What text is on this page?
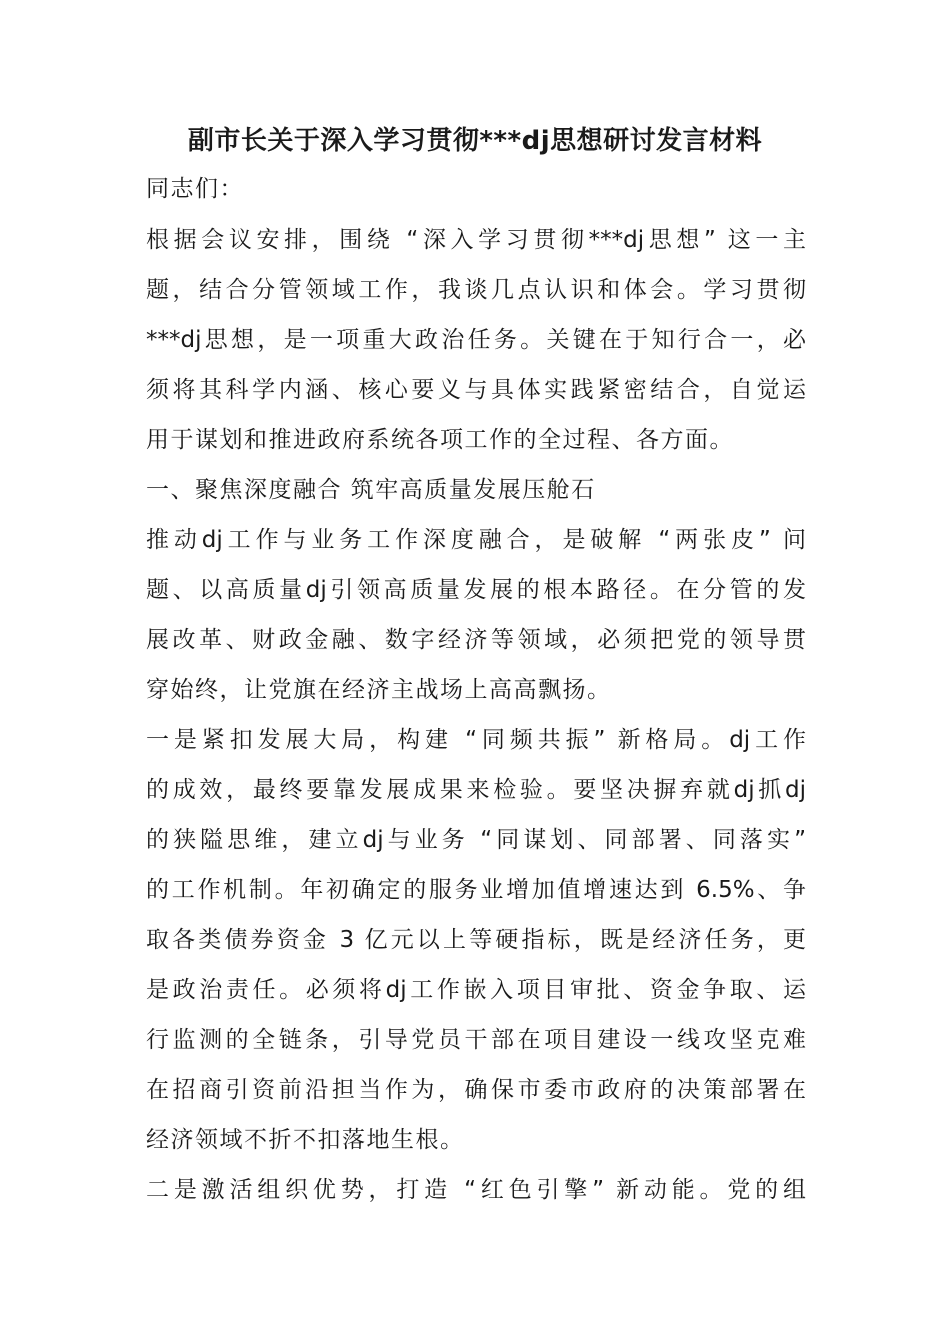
副市长关于深入学习贯彻***dj思想研讨发言材料
同志们：
根据会议安排，围绕 “深入学习贯彻***dj思想” 这一主
题，结合分管领域工作，我谈几点认识和体会。学习贯彻
***dj思想，是一项重大政治任务。关键在于知行合一，必
须将其科学内涵、核心要义与具体实践紧密结合，自觉运
用于谋划和推进政府系统各项工作的全过程、各方面。
一、聚焦深度融合 筑牢高质量发展压舱石
推动dj工作与业务工作深度融合，是破解 “两张皮” 问
题、以高质量dj引领高质量发展的根本路径。在分管的发
展改革、财政金融、数字经济等领域，必须把党的领导贯
穿始终，让党旗在经济主战场上高高飘扬。
一是紧扣发展大局，构建 “同频共振” 新格局。dj工作
的成效，最终要靠发展成果来检验。要坚决摒弃就dj抓dj
的狭隘思维，建立dj与业务 “同谋划、同部署、同落实”
的工作机制。年初确定的服务业增加值增速达到 6.5%、争
取各类债券资金 3 亿元以上等硬指标，既是经济任务，更
是政治责任。必须将dj工作嵌入项目审批、资金争取、运
行监测的全链条，引导党员干部在项目建设一线攻坚克难
在招商引资前沿担当作为，确保市委市政府的决策部署在
经济领域不折不扣落地生根。
二是激活组织优势，打造 “红色引擎” 新动能。党的组
